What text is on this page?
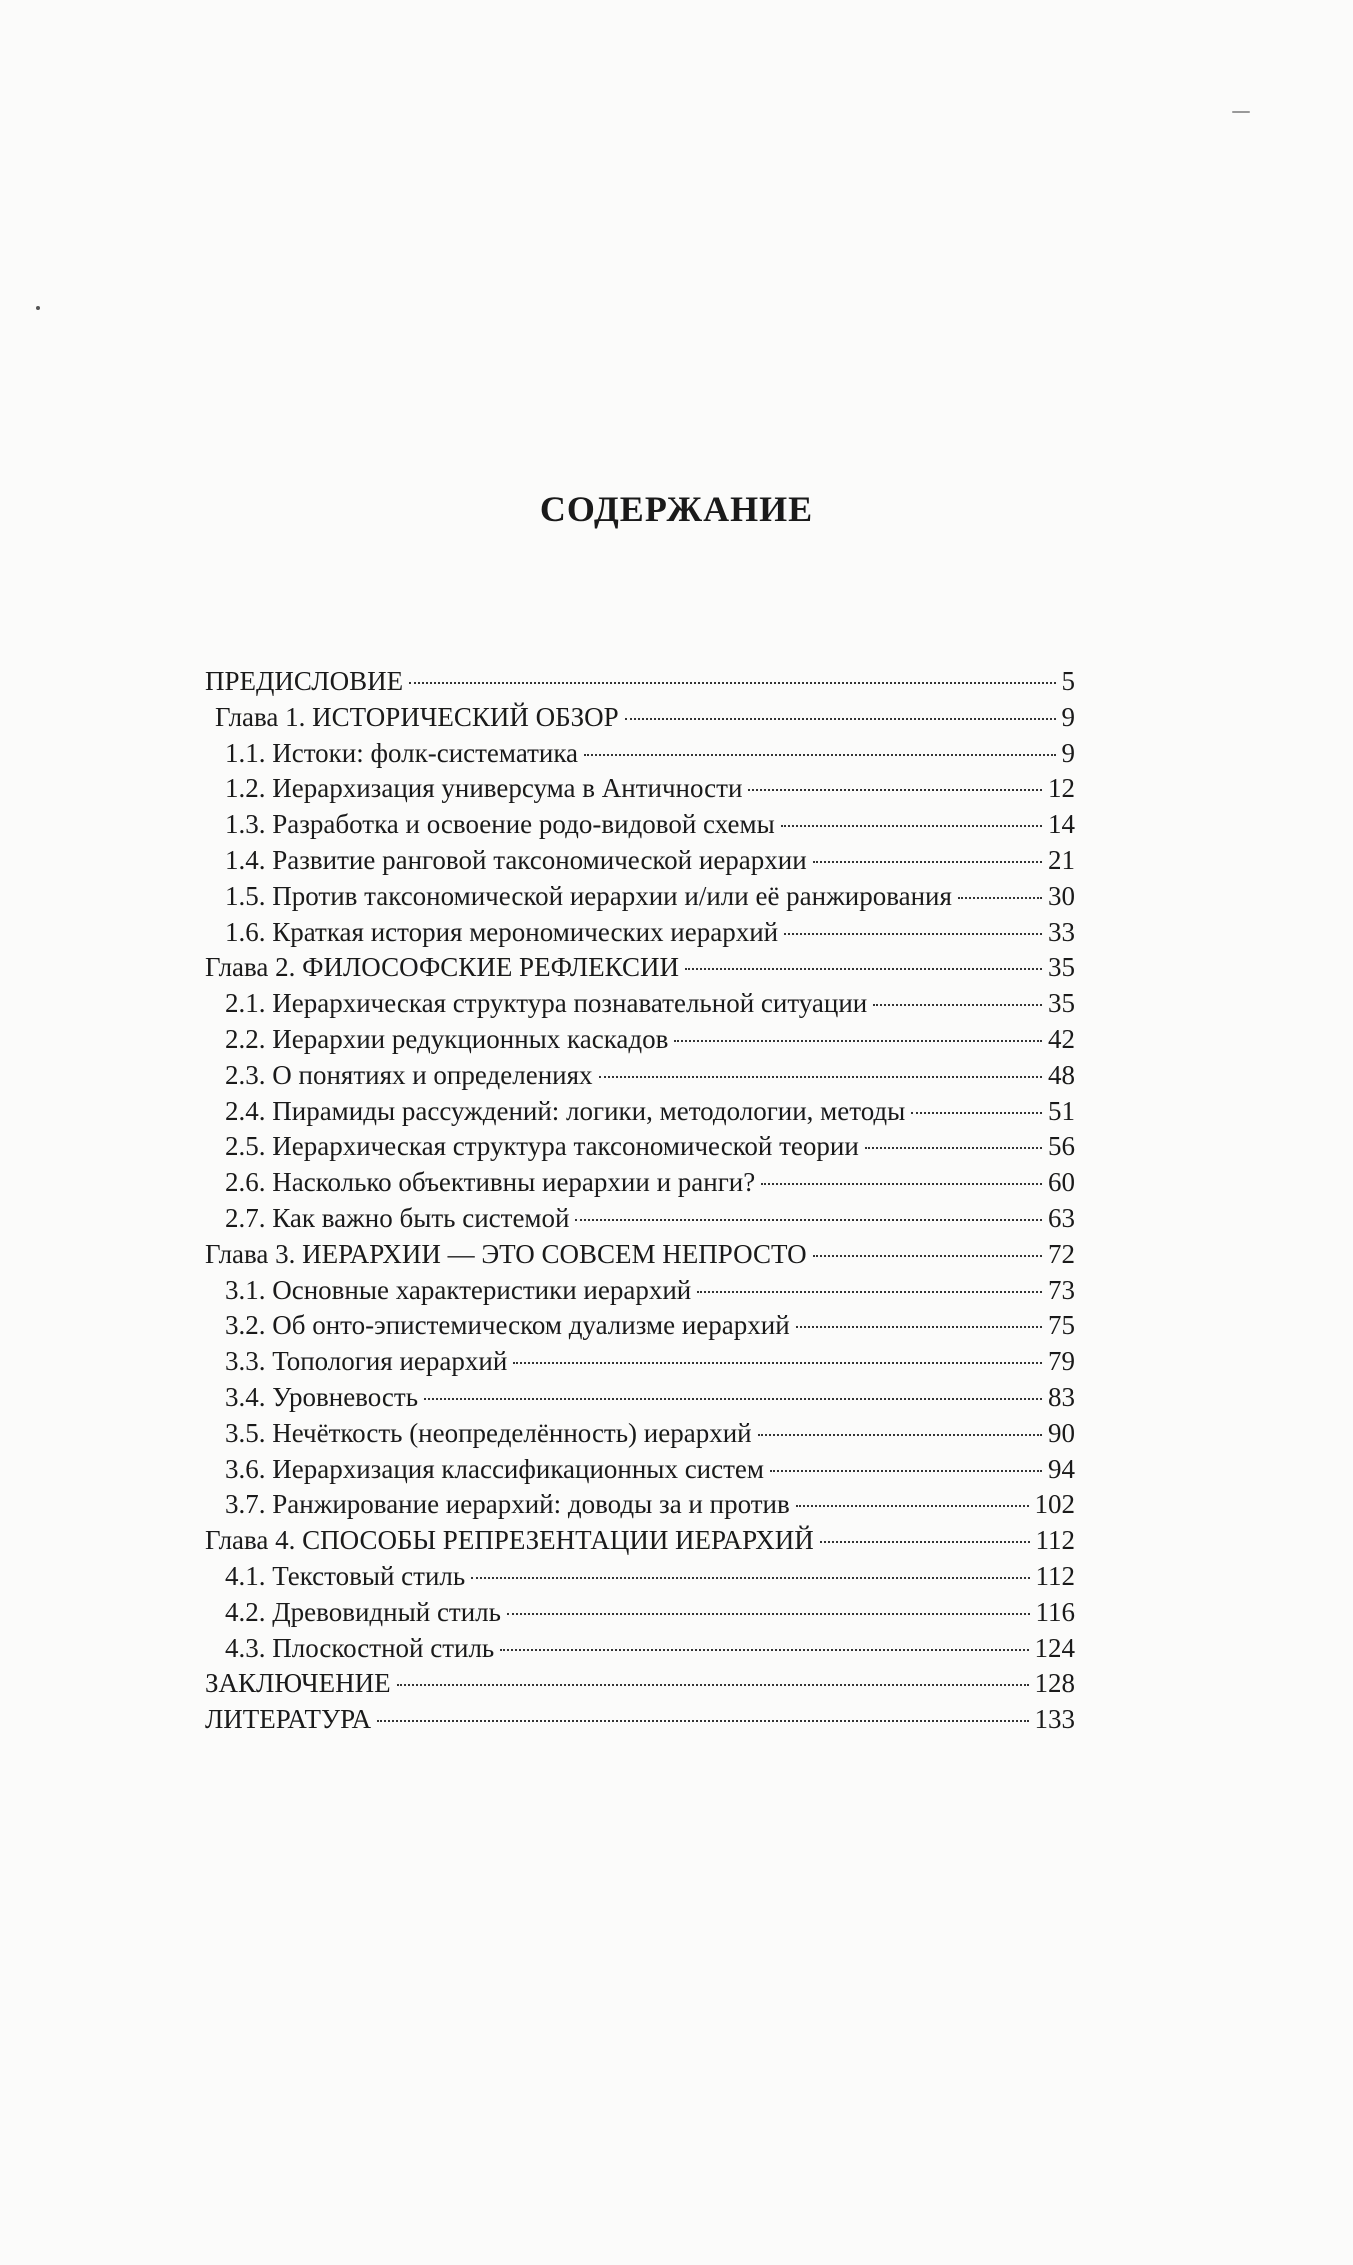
СОДЕРЖАНИЕ
ПРЕДИСЛОВИЕ	5
Глава 1. ИСТОРИЧЕСКИЙ ОБЗОР	9
1.1. Истоки: фолк-систематика	9
1.2. Иерархизация универсума в Античности	12
1.3. Разработка и освоение родо-видовой схемы	14
1.4. Развитие ранговой таксономической иерархии	21
1.5. Против таксономической иерархии и/или её ранжирования	30
1.6. Краткая история мерономических иерархий	33
Глава 2. ФИЛОСОФСКИЕ РЕФЛЕКСИИ	35
2.1. Иерархическая структура познавательной ситуации	35
2.2. Иерархии редукционных каскадов	42
2.3. О понятиях и определениях	48
2.4. Пирамиды рассуждений: логики, методологии, методы	51
2.5. Иерархическая структура таксономической теории	56
2.6. Насколько объективны иерархии и ранги?	60
2.7. Как важно быть системой	63
Глава 3. ИЕРАРХИИ — ЭТО СОВСЕМ НЕПРОСТО	72
3.1. Основные характеристики иерархий	73
3.2. Об онто-эпистемическом дуализме иерархий	75
3.3. Топология иерархий	79
3.4. Уровневость	83
3.5. Нечёткость (неопределённость) иерархий	90
3.6. Иерархизация классификационных систем	94
3.7. Ранжирование иерархий: доводы за и против	102
Глава 4. СПОСОБЫ РЕПРЕЗЕНТАЦИИ ИЕРАРХИЙ	112
4.1. Текстовый стиль	112
4.2. Древовидный стиль	116
4.3. Плоскостной стиль	124
ЗАКЛЮЧЕНИЕ	128
ЛИТЕРАТУРА	133
